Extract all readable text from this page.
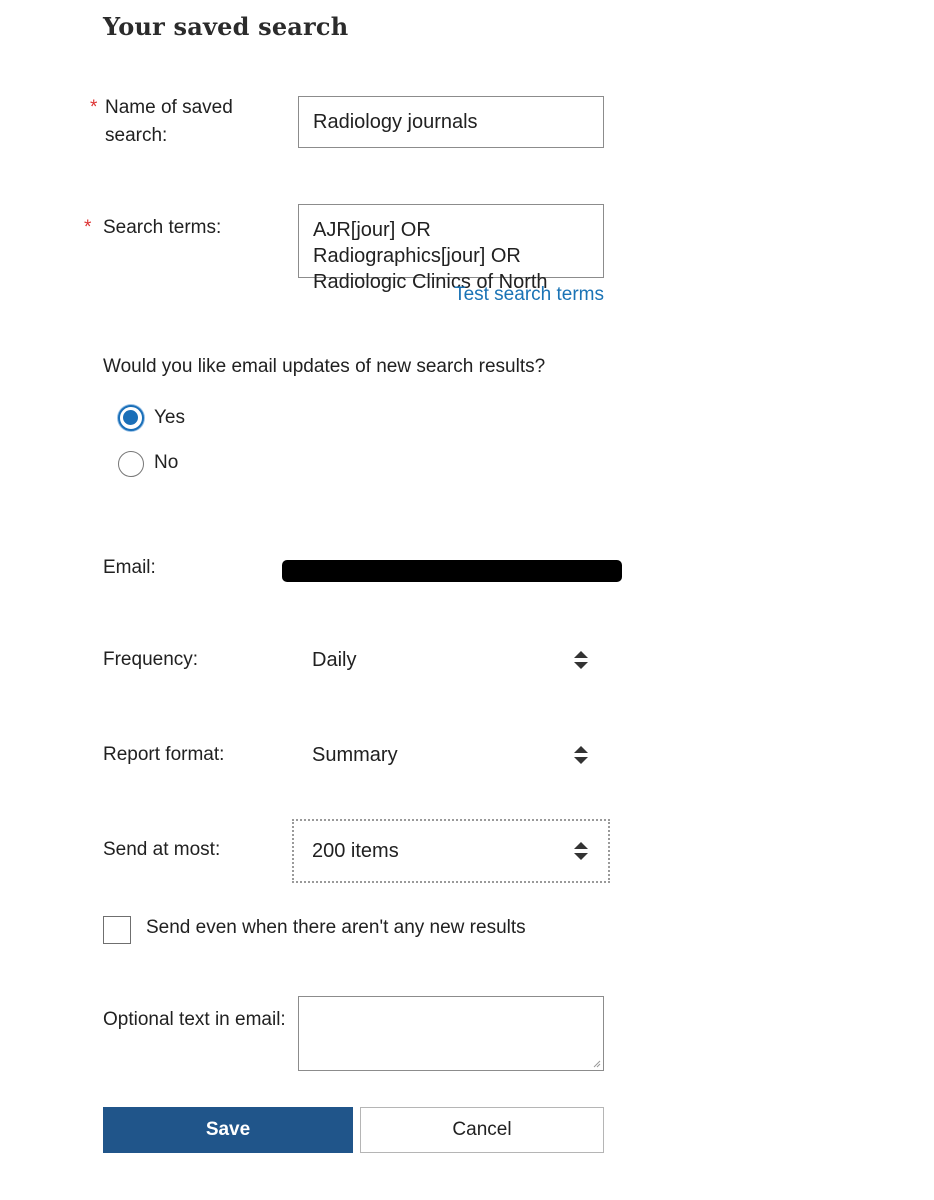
Your saved search
* Name of saved
search:
Radiology journals
* Search terms:	AJR[jour] OR
Radiographics[jour] OR
Radiologic Clinics of North
Test search terms
Would you like email updates of new search results?
Yes
No
Email:
Frequency:	Daily
Report format:	Summary
Send at most:	200 items
Send even when there aren't any new results
Optional text in email:
Save	Cancel
